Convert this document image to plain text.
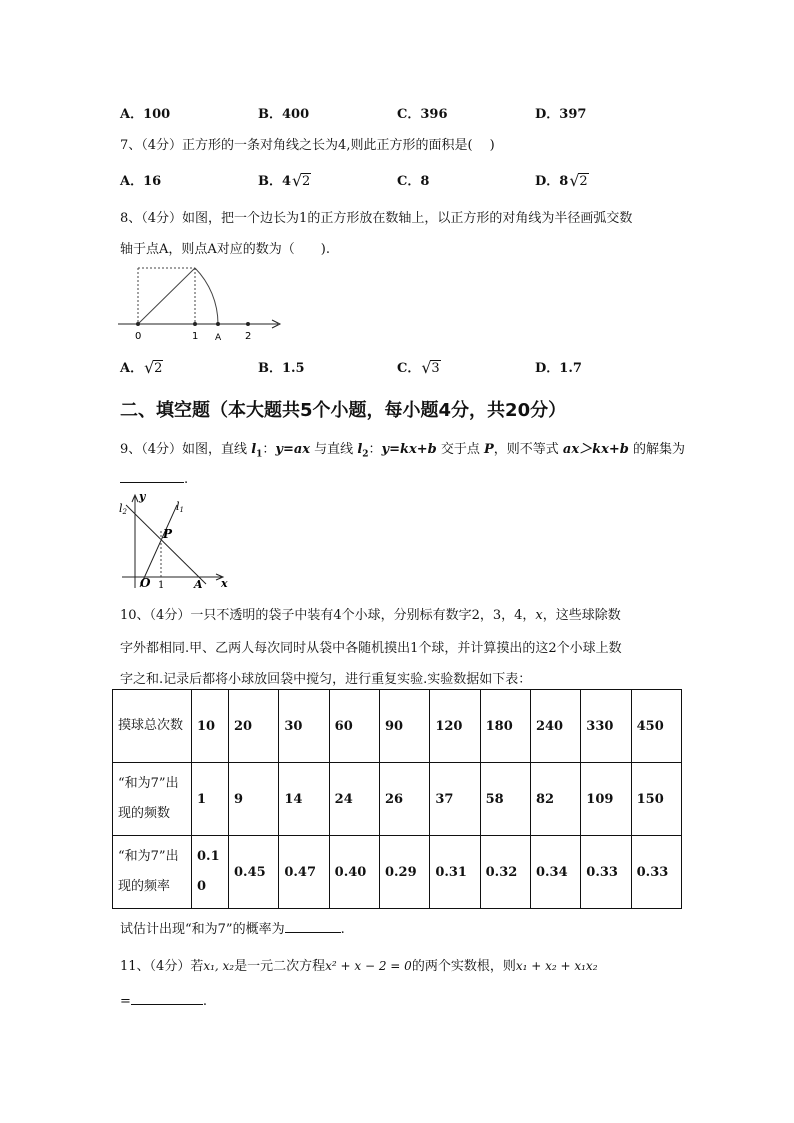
A．100	B．400	C．396	D．397
7、（4分）正方形的一条对角线之长为4,则此正方形的面积是(　 )
A．16	B．4 √ 2	C．8	D．8 √ 2
8、（4分）如图，把一个边长为1的正方形放在数轴上，以正方形的对角线为半径画弧交数
轴于点A，则点A对应的数为（　　).
0	1 A 2
A． √ 2	B．1.5	C． √ 3	D．1.7
二、填空题（本大题共5个小题，每小题4分，共20分）
9、（4分）如图，直线 $l_1$：y=ax 与直线 $l_2$：y=kx+b 交于点 P，则不等式 ax＞kx+b 的解集为
.
y
x
l2	l1
P
O 1	A
10、（4分）一只不透明的袋子中装有4个小球，分别标有数字2，3，4，x，这些球除数
字外都相同.甲、乙两人每次同时从袋中各随机摸出1个球，并计算摸出的这2个小球上数
字之和.记录后都将小球放回袋中搅匀，进行重复实验.实验数据如下表：
摸球总次数	10	20	30	60	90	120	180	240	330	450
“和为7”出现的频数	1	9	14	24	26	37	58	82	109	150
“和为7”出现的频率	0.10	0.45	0.47	0.40	0.29	0.31	0.32	0.34	0.33	0.33
试估计出现“和为7”的概率为	.
11、（4分）若x₁, x₂是一元二次方程x² + x − 2 = 0的两个实数根，则x₁ + x₂ + x₁x₂
=	.
